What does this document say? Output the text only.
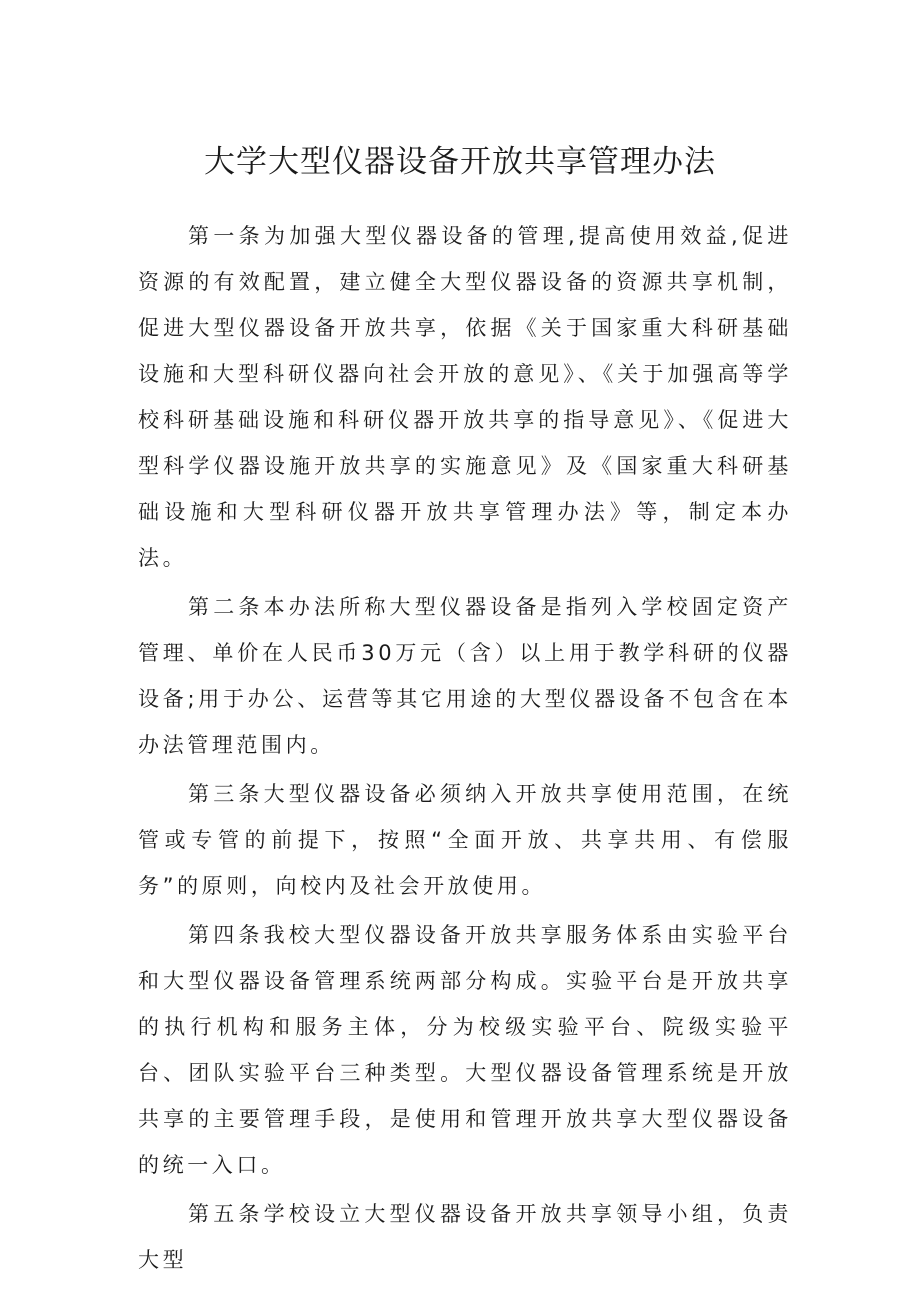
大学大型仪器设备开放共享管理办法

第一条为加强大型仪器设备的管理,提高使用效益,促进资源的有效配置，建立健全大型仪器设备的资源共享机制，促进大型仪器设备开放共享，依据《关于国家重大科研基础设施和大型科研仪器向社会开放的意见》、《关于加强高等学校科研基础设施和科研仪器开放共享的指导意见》、《促进大型科学仪器设施开放共享的实施意见》及《国家重大科研基础设施和大型科研仪器开放共享管理办法》等，制定本办法。

第二条本办法所称大型仪器设备是指列入学校固定资产管理、单价在人民币30万元（含）以上用于教学科研的仪器设备;用于办公、运营等其它用途的大型仪器设备不包含在本办法管理范围内。

第三条大型仪器设备必须纳入开放共享使用范围，在统管或专管的前提下，按照“全面开放、共享共用、有偿服务”的原则，向校内及社会开放使用。

第四条我校大型仪器设备开放共享服务体系由实验平台和大型仪器设备管理系统两部分构成。实验平台是开放共享的执行机构和服务主体，分为校级实验平台、院级实验平台、团队实验平台三种类型。大型仪器设备管理系统是开放共享的主要管理手段，是使用和管理开放共享大型仪器设备的统一入口。

第五条学校设立大型仪器设备开放共享领导小组，负责大型
